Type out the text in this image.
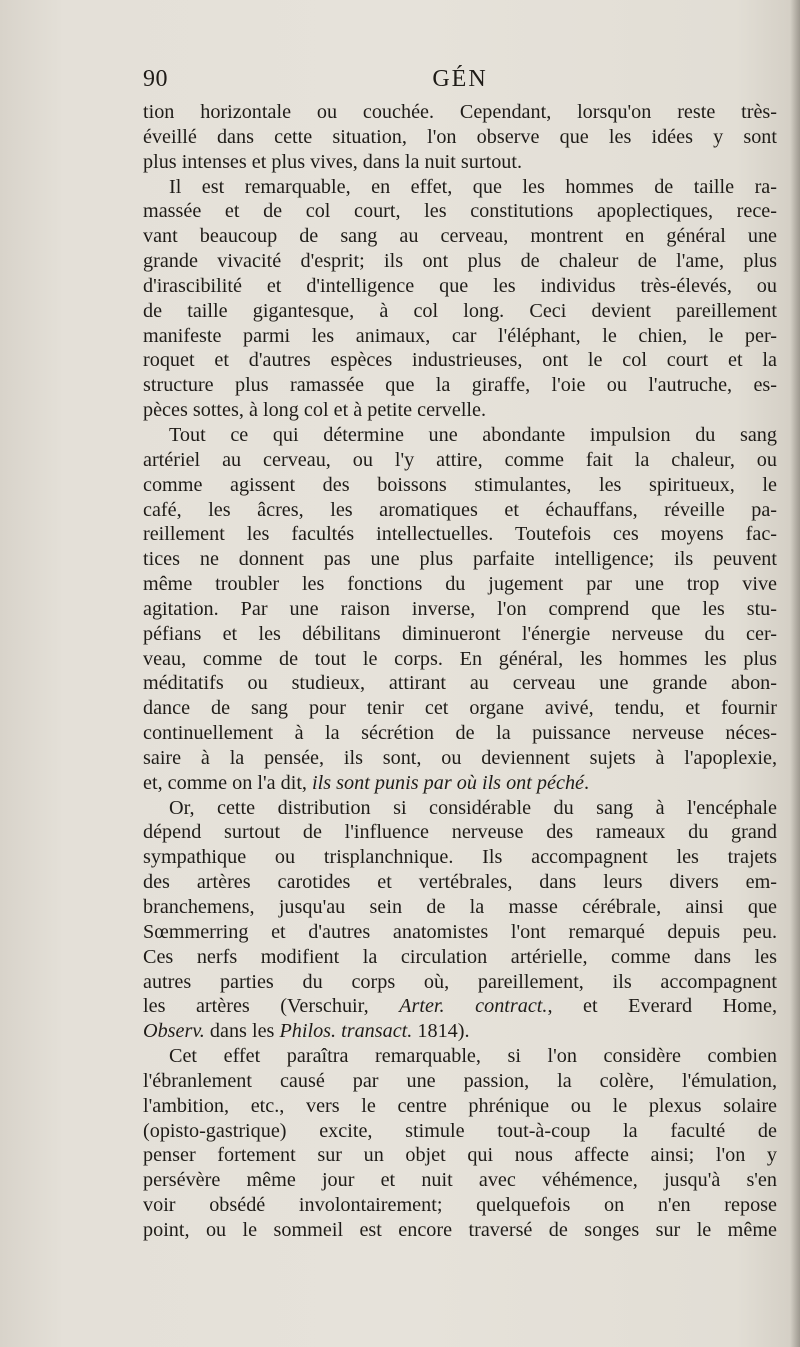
90	GÉN
tion horizontale ou couchée. Cependant, lorsqu'on reste très-
éveillé dans cette situation, l'on observe que les idées y sont
plus intenses et plus vives, dans la nuit surtout.
Il est remarquable, en effet, que les hommes de taille ra-
massée et de col court, les constitutions apoplectiques, rece-
vant beaucoup de sang au cerveau, montrent en général une
grande vivacité d'esprit; ils ont plus de chaleur de l'ame, plus
d'irascibilité et d'intelligence que les individus très-élevés, ou
de taille gigantesque, à col long. Ceci devient pareillement
manifeste parmi les animaux, car l'éléphant, le chien, le per-
roquet et d'autres espèces industrieuses, ont le col court et la
structure plus ramassée que la giraffe, l'oie ou l'autruche, es-
pèces sottes, à long col et à petite cervelle.
Tout ce qui détermine une abondante impulsion du sang
artériel au cerveau, ou l'y attire, comme fait la chaleur, ou
comme agissent des boissons stimulantes, les spiritueux, le
café, les âcres, les aromatiques et échauffans, réveille pa-
reillement les facultés intellectuelles. Toutefois ces moyens fac-
tices ne donnent pas une plus parfaite intelligence; ils peuvent
même troubler les fonctions du jugement par une trop vive
agitation. Par une raison inverse, l'on comprend que les stu-
péfians et les débilitans diminueront l'énergie nerveuse du cer-
veau, comme de tout le corps. En général, les hommes les plus
méditatifs ou studieux, attirant au cerveau une grande abon-
dance de sang pour tenir cet organe avivé, tendu, et fournir
continuellement à la sécrétion de la puissance nerveuse néces-
saire à la pensée, ils sont, ou deviennent sujets à l'apoplexie,
et, comme on l'a dit, ils sont punis par où ils ont péché.
Or, cette distribution si considérable du sang à l'encéphale
dépend surtout de l'influence nerveuse des rameaux du grand
sympathique ou trisplanchnique. Ils accompagnent les trajets
des artères carotides et vertébrales, dans leurs divers em-
branchemens, jusqu'au sein de la masse cérébrale, ainsi que
Sœmmerring et d'autres anatomistes l'ont remarqué depuis peu.
Ces nerfs modifient la circulation artérielle, comme dans les
autres parties du corps où, pareillement, ils accompagnent
les artères (Verschuir, Arter. contract., et Everard Home,
Observ. dans les Philos. transact. 1814).
Cet effet paraîtra remarquable, si l'on considère combien
l'ébranlement causé par une passion, la colère, l'émulation,
l'ambition, etc., vers le centre phrénique ou le plexus solaire
(opisto-gastrique) excite, stimule tout-à-coup la faculté de
penser fortement sur un objet qui nous affecte ainsi; l'on y
persévère même jour et nuit avec véhémence, jusqu'à s'en
voir obsédé involontairement; quelquefois on n'en repose
point, ou le sommeil est encore traversé de songes sur le même
